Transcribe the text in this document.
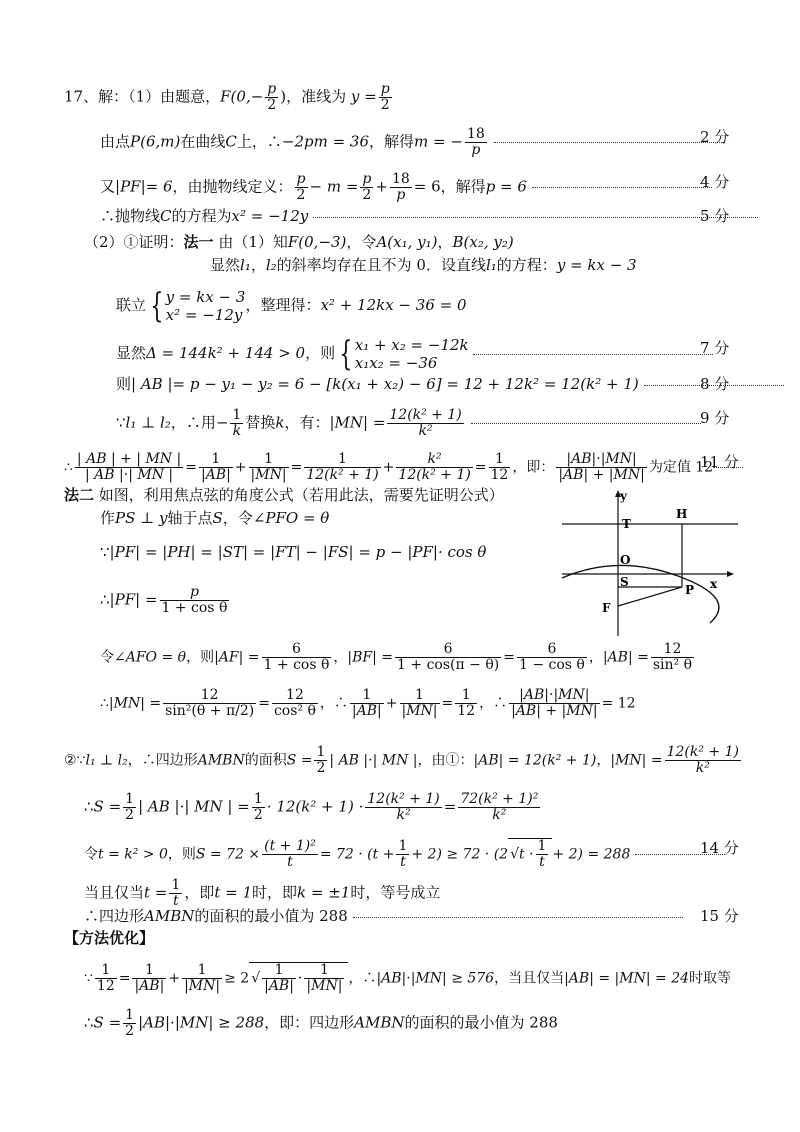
17、解：（1）由题意，$F(0,- \frac{p}{2}$ )，准线为 $y = \frac{p}{2}$
由点P(6,m)在曲线C上，∴−2pm = 36，解得m = − $\frac{18}{p}$
	2 分
又|PF|= 6，由抛物线定义： $\frac{p}{2} - m = \frac{p}{2} + \frac{18}{p} = 6$，解得p = 6	4 分
∴抛物线C的方程为x² = −12y	5 分
（2）①证明：法一 由（1）知F(0,−3)，令A(x₁, y₁)，B(x₂, y₂)
显然l₁，l₂的斜率均存在且不为 0．设直线l₁的方程：y = kx − 3
联立 { y = kx − 3
x² = −12y
，整理得：x² + 12kx − 36 = 0
显然Δ = 144k² + 144 > 0，则 { x₁ + x₂ = −12k
x₁x₂ = −36

7 分
则| AB |= p − y₁ − y₂ = 6 − [k(x₁ + x₂) − 6] = 12 + 12k² = 12(k² + 1)	8 分
∵l₁ ⊥ l₂，∴用− $\frac{1}{k}$ 替换k，有：$|MN| = \frac{\text{12(k² + 1)}}{\text{k²}}$
	9 分
∴ $\frac{| AB | + | MN |}{| AB |\cdot| MN |} = \frac{1}{|AB|} + \frac{1}{|MN|} = \frac{1}{\text{12(k² + 1)}} + \frac{\text{k²}}{\text{12(k² + 1)}} = \frac{1}{12}$ ，即： $\frac{|AB|\cdot|MN|}{|AB| + |MN|}$ 为定值 12
11 分
法二 如图，利用焦点弦的角度公式（若用此法，需要先证明公式）
作PS ⊥ y轴于点S，令∠PFO = θ
∵|PF| = |PH| = |ST| = |FT| − |FS| = p − |PF|· cos θ
∴|PF| = $\frac{p}{\text{1 + cos θ}}$
令∠AFO = θ，则$|AF| = \frac{6}{\text{1 + cos θ}}$ ，$|BF| = \frac{6}{1 + \cos(\pi - \theta)} = \frac{6}{\text{1 − cos θ}}$ ，$|AB| = \frac{12}{\text{sin² θ}}$
∴|MN| = $\frac{12}{\text{sin²(θ + π/2)}} = \frac{12}{\text{cos² θ}}$ ，∴ $\frac{1}{|AB|} + \frac{1}{|MN|} = \frac{1}{12}$ ，∴ $\frac{|AB|\cdot|MN|}{|AB| + |MN|} = 12$
y
x
T
H
O
S
P
F
②∵l₁ ⊥ l₂，∴四边形AMBN的面积$S = \frac{1}{2}$ | AB |·| MN |，由①：|AB| = 12(k² + 1)，$|MN| = \frac{\text{12(k² + 1)}}{\text{k²}}$
∴S = $\frac{1}{2}$ | AB |·| MN | = $\frac{1}{2} \cdot 12(k^2 + 1) \cdot \frac{\text{12(k² + 1)}}{\text{k²}} = \frac{\text{72(k² + 1)²}}{\text{k²}}$
令t = k² > 0，则$S = 72 \times \frac{\text{(t + 1)²}}{t} = 72 \cdot (t + \frac{1}{t} + 2) \ge 72 \cdot (2$ $√t \cdot \frac{1}{t} + 2) = 288$	14 分
当且仅当$t = \frac{1}{t}$ ，即t = 1时，即k = ±1时，等号成立
∴四边形AMBN的面积的最小值为 288	15 分
【方法优化】
∵ $\frac{1}{12} = \frac{1}{|AB|} + \frac{1}{|MN|} \ge 2$ √ $\frac{1}{|AB|} \cdot \frac{1}{|MN|}$ ，∴|AB|·|MN| ≥ 576，当且仅当|AB| = |MN| = 24时取等
∴S = $\frac{1}{2} |AB|\cdot|MN| \ge 288$，即：四边形AMBN的面积的最小值为 288
